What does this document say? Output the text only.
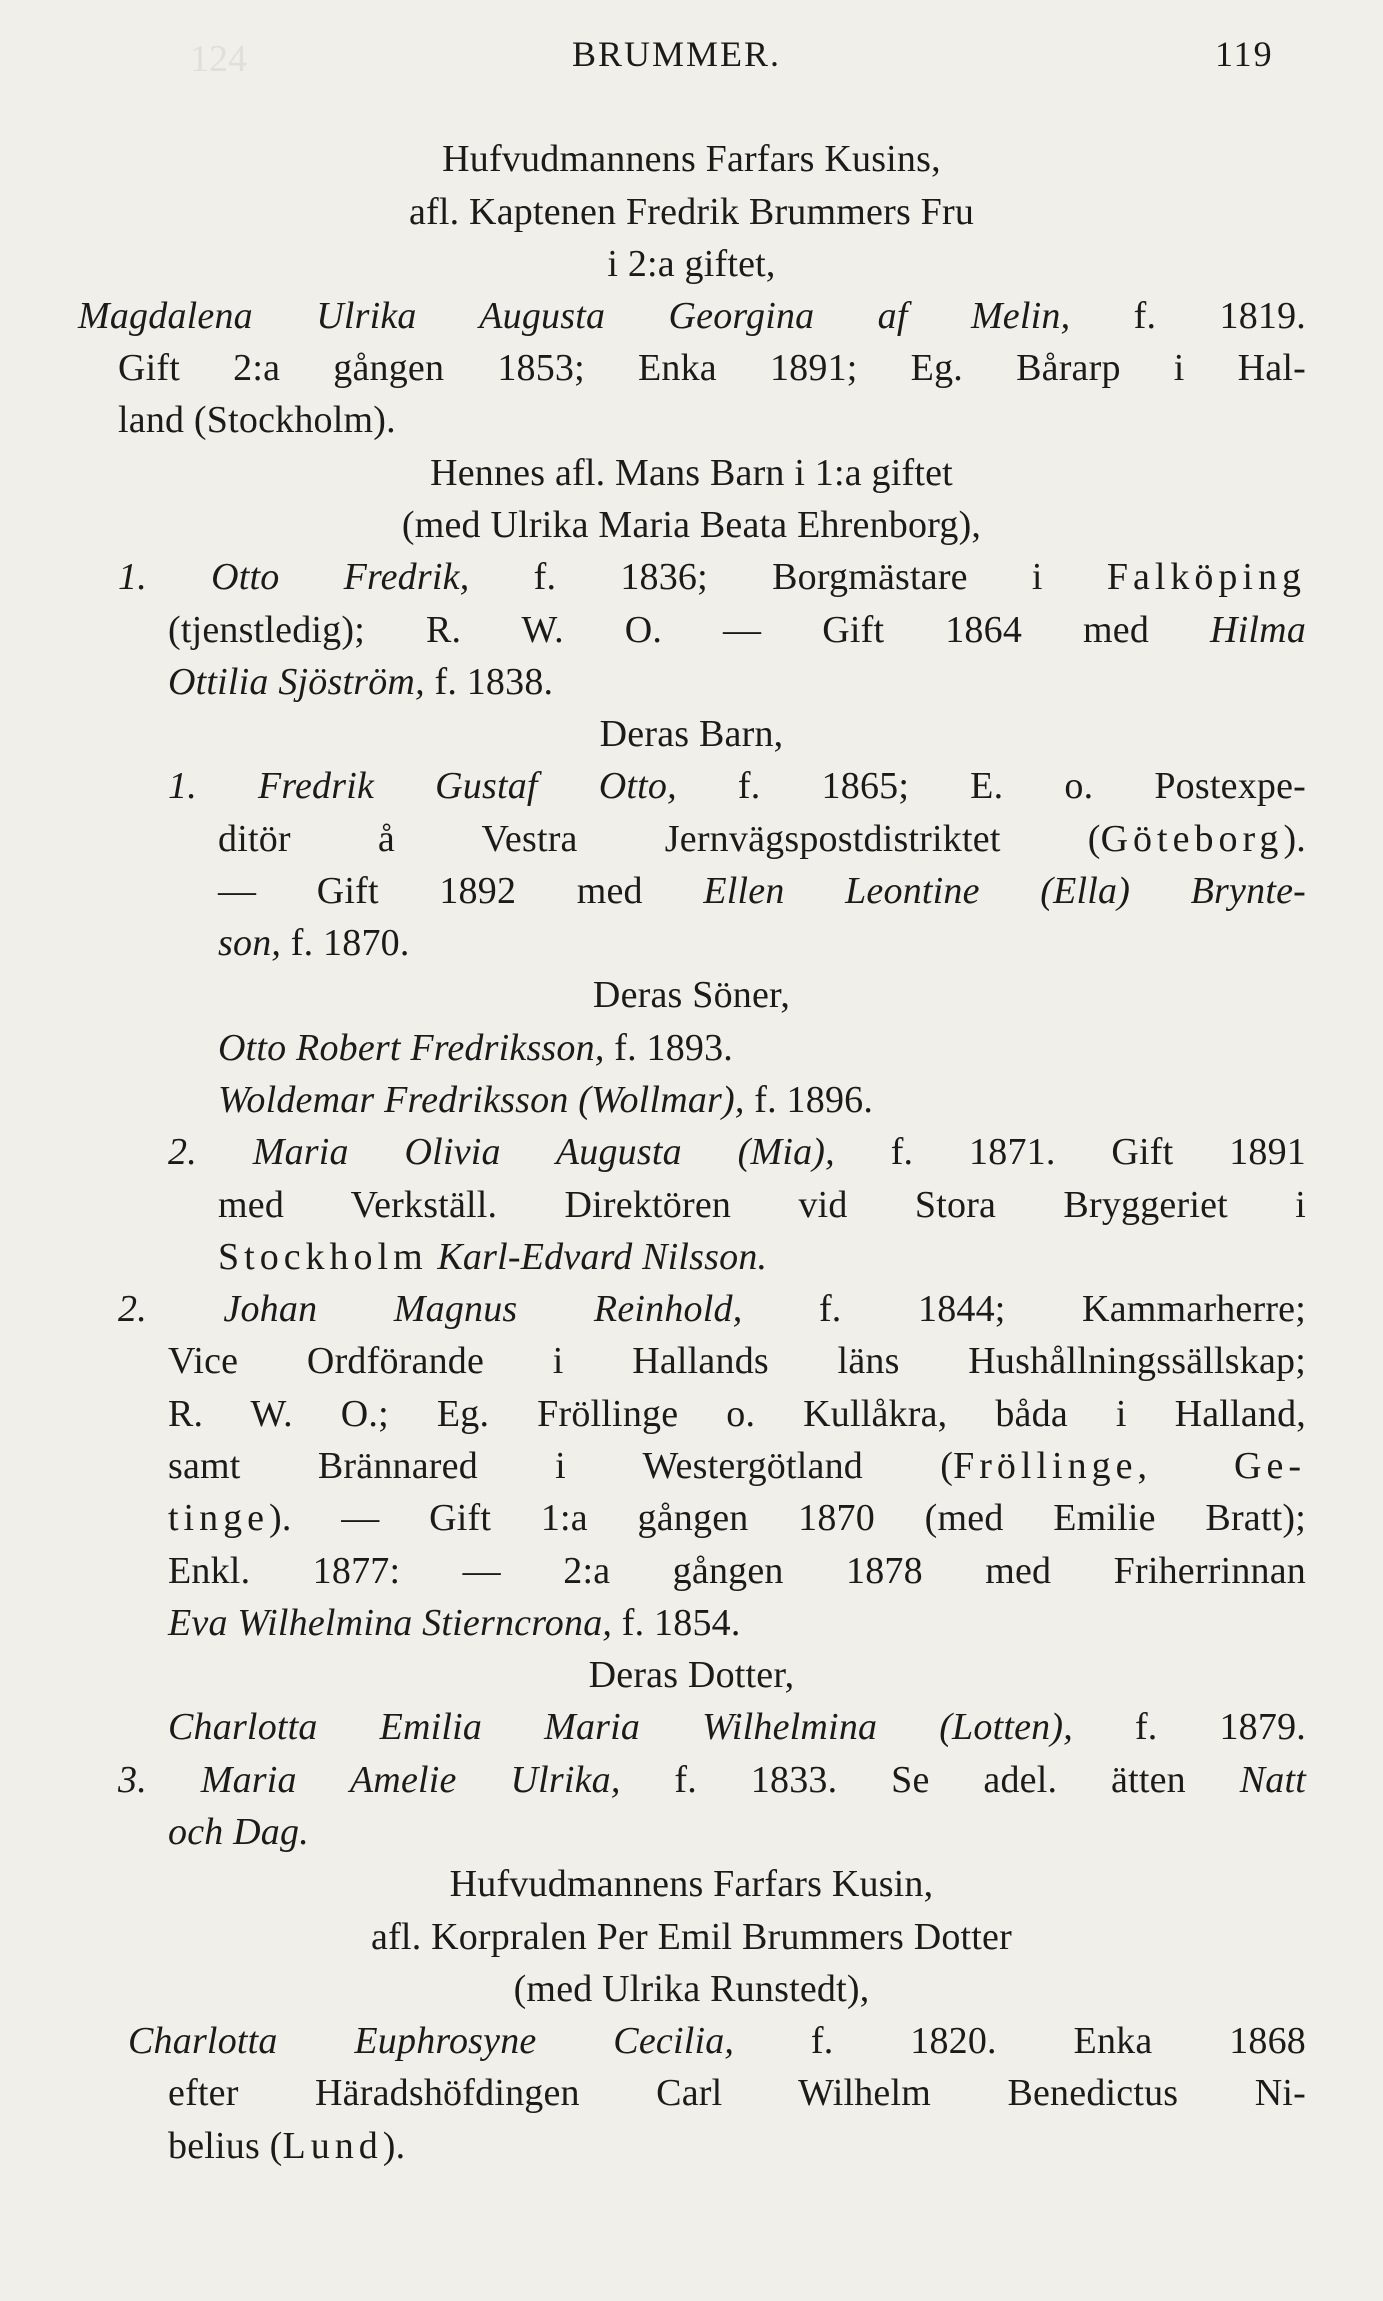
124	BRUMMER.	119
Hufvudmannens Farfars Kusins,
afl. Kaptenen Fredrik Brummers Fru
i 2:a giftet,
Magdalena Ulrika Augusta Georgina af Melin, f. 1819.
Gift 2:a gången 1853; Enka 1891; Eg. Bårarp i Hal-
land (Stockholm).
Hennes afl. Mans Barn i 1:a giftet
(med Ulrika Maria Beata Ehrenborg),
1. Otto Fredrik, f. 1836; Borgmästare i Falköping
(tjenstledig); R. W. O. — Gift 1864 med Hilma
Ottilia Sjöström, f. 1838.
Deras Barn,
1. Fredrik Gustaf Otto, f. 1865; E. o. Postexpe-
ditör å Vestra Jernvägspostdistriktet (Göteborg).
— Gift 1892 med Ellen Leontine (Ella) Brynte-
son, f. 1870.
Deras Söner,
Otto Robert Fredriksson, f. 1893.
Woldemar Fredriksson (Wollmar), f. 1896.
2. Maria Olivia Augusta (Mia), f. 1871. Gift 1891
med Verkställ. Direktören vid Stora Bryggeriet i
Stockholm Karl-Edvard Nilsson.
2. Johan Magnus Reinhold, f. 1844; Kammarherre;
Vice Ordförande i Hallands läns Hushållningssällskap;
R. W. O.; Eg. Fröllinge o. Kullåkra, båda i Halland,
samt Brännared i Westergötland (Fröllinge, Ge-
tinge). — Gift 1:a gången 1870 (med Emilie Bratt);
Enkl. 1877: — 2:a gången 1878 med Friherrinnan
Eva Wilhelmina Stierncrona, f. 1854.
Deras Dotter,
Charlotta Emilia Maria Wilhelmina (Lotten), f. 1879.
3. Maria Amelie Ulrika, f. 1833. Se adel. ätten Natt
och Dag.
Hufvudmannens Farfars Kusin,
afl. Korpralen Per Emil Brummers Dotter
(med Ulrika Runstedt),
Charlotta Euphrosyne Cecilia, f. 1820. Enka 1868
efter Häradshöfdingen Carl Wilhelm Benedictus Ni-
belius (Lund).
